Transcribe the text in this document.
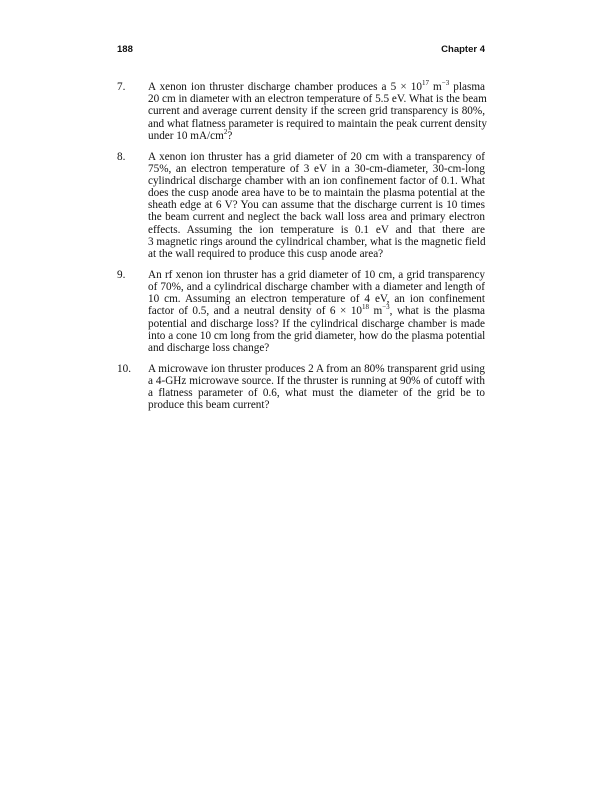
188	Chapter 4
7. A xenon ion thruster discharge chamber produces a $5 \times 10^{17}$ $m^{-3}$ plasma
20 cm in diameter with an electron temperature of 5.5 eV. What is the beam
current and average current density if the screen grid transparency is 80%,
and what flatness parameter is required to maintain the peak current density
under 10 $mA/cm^2$?
8. A xenon ion thruster has a grid diameter of 20 cm with a transparency of
75%, an electron temperature of 3 eV in a 30-cm-diameter, 30-cm-long
cylindrical discharge chamber with an ion confinement factor of 0.1. What
does the cusp anode area have to be to maintain the plasma potential at the
sheath edge at 6 V? You can assume that the discharge current is 10 times
the beam current and neglect the back wall loss area and primary electron
effects. Assuming the ion temperature is 0.1 eV and that there are
3 magnetic rings around the cylindrical chamber, what is the magnetic field
at the wall required to produce this cusp anode area?
9. An rf xenon ion thruster has a grid diameter of 10 cm, a grid transparency
of 70%, and a cylindrical discharge chamber with a diameter and length of
10 cm. Assuming an electron temperature of 4 eV, an ion confinement
factor of 0.5, and a neutral density of $6 \times 10^{18}$ $m^{-3}$, what is the plasma
potential and discharge loss? If the cylindrical discharge chamber is made
into a cone 10 cm long from the grid diameter, how do the plasma potential
and discharge loss change?
10. A microwave ion thruster produces 2 A from an 80% transparent grid using
a 4-GHz microwave source. If the thruster is running at 90% of cutoff with
a flatness parameter of 0.6, what must the diameter of the grid be to
produce this beam current?
